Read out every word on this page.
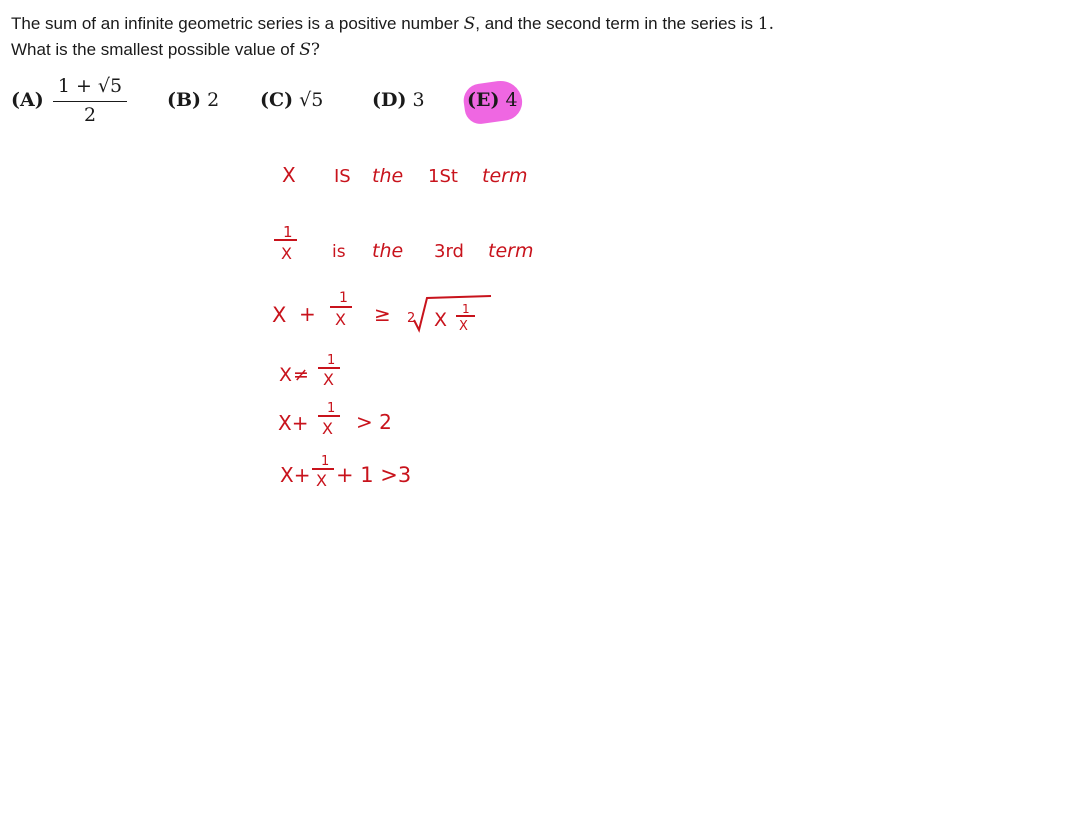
The sum of an infinite geometric series is a positive number S, and the second term in the series is 1.
What is the smallest possible value of S?
$(A) \frac{1 + √5}{2} (B)$ 2 (C) √5	(D) 3 (E) 4
X IS the 1St term
1
X is the 3rd term
X +
1
X ≥ 2 X 1
X
X ≠
1
X
X+
1
X > 2
X+
1
X + 1 >3
